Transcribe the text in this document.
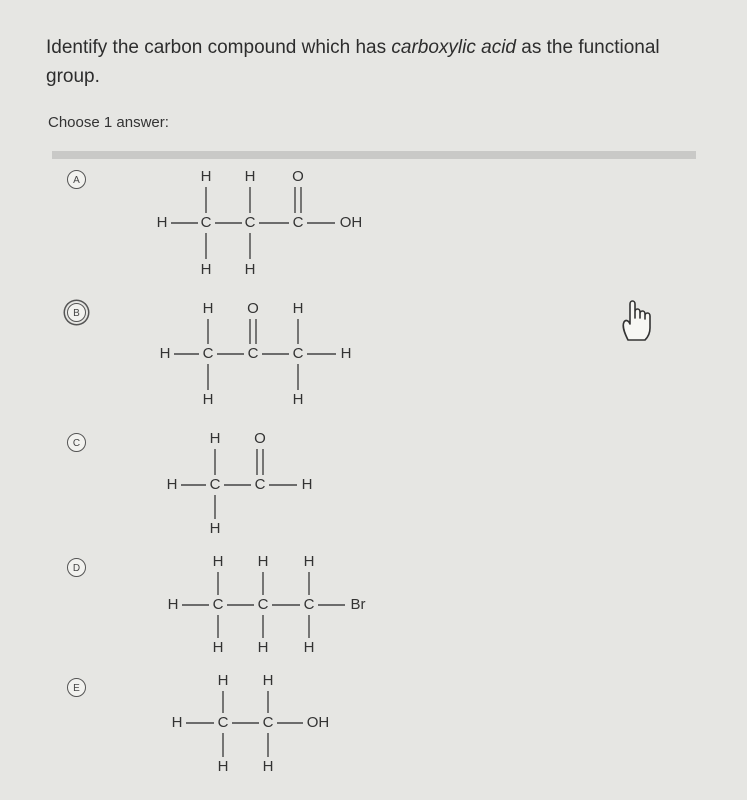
Identify the carbon compound which has carboxylic acid as the functional group.
Choose 1 answer:
A
H C C C OH
H H O
H H
B
H C C C H
H O H
H	H
C
H C C H
H O
H
D
H C C C Br
H H H
H H H
E
H C C OH
H H
H H
